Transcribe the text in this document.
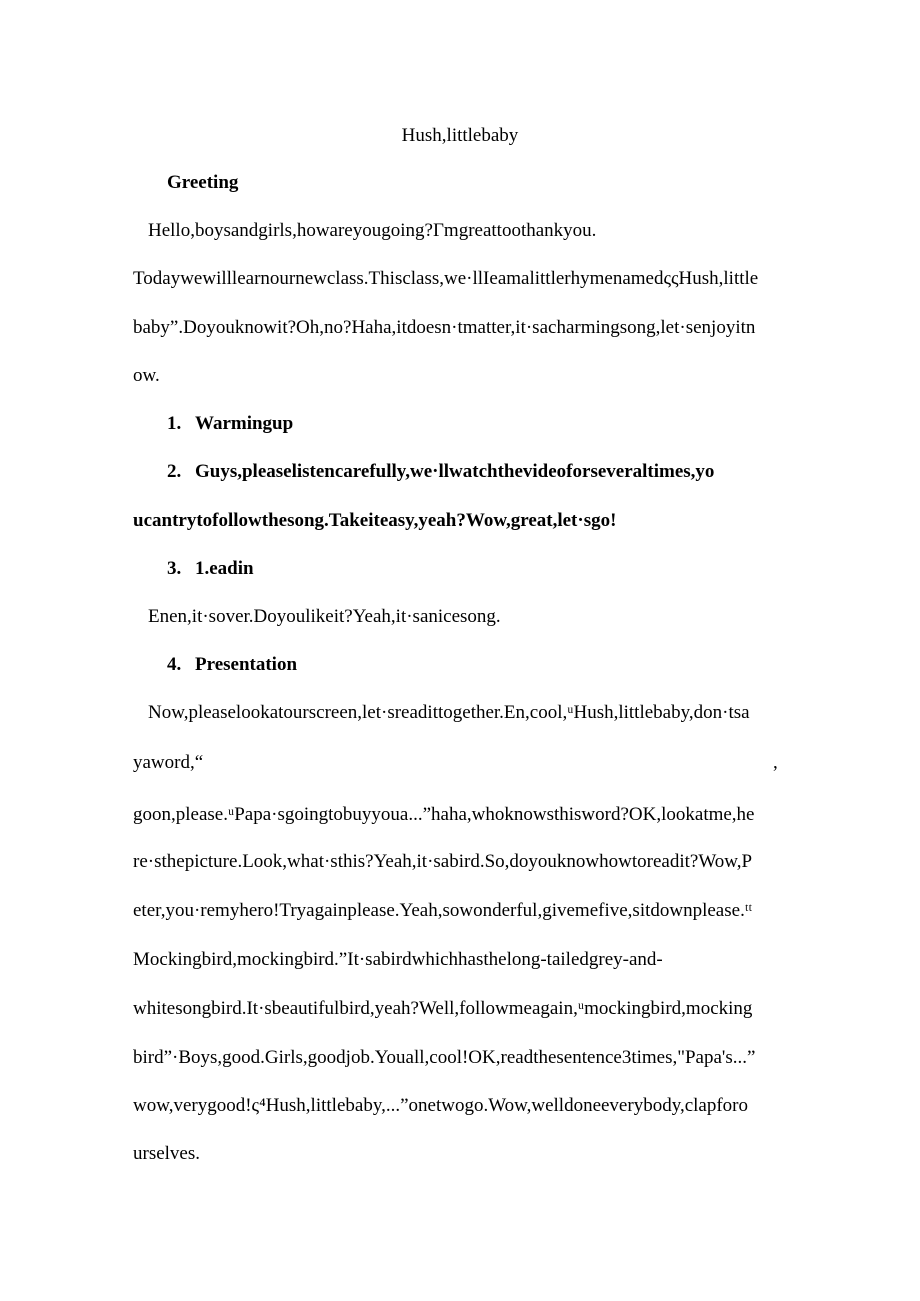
Hush,littlebaby
Greeting
Hello,boysandgirls,howareyougoing?Γmgreattoothankyou.
Todaywewilllearnournewclass.Thisclass,we·llIeamalittlerhymenamedςςHush,little
baby”.Doyouknowit?Oh,no?Haha,itdoesn·tmatter,it·sacharmingsong,let·senjoyitn
ow.
1. Warmingup
2. Guys,pleaselistencarefully,we·llwatchthevideoforseveraltimes,yo
ucantrytofollowthesong.Takeiteasy,yeah?Wow,great,let·sgo!
3. 1.eadin
Enen,it·sover.Doyoulikeit?Yeah,it·sanicesong.
4. Presentation
Now,pleaselookatourscreen,let·sreadittogether.En,cool,ᵘHush,littlebaby,don·tsa
yaword,“	,
goon,please.ᵘPapa·sgoingtobuyyoua...”haha,whoknowsthisword?OK,lookatme,he
re·sthepicture.Look,what·sthis?Yeah,it·sabird.So,doyouknowhowtoreadit?Wow,P
eter,you·remyhero!Tryagainplease.Yeah,sowonderful,givemefive,sitdownplease.ᵗᵗ
Mockingbird,mockingbird.”It·sabirdwhichhasthelong-tailedgrey-and-
whitesongbird.It·sbeautifulbird,yeah?Well,followmeagain,ᵘmockingbird,mocking
bird”·Boys,good.Girls,goodjob.Youall,cool!OK,readthesentence3times,"Papa's...”
wow,verygood!ς⁴Hush,littlebaby,...”onetwogo.Wow,welldoneeverybody,clapforo
urselves.
